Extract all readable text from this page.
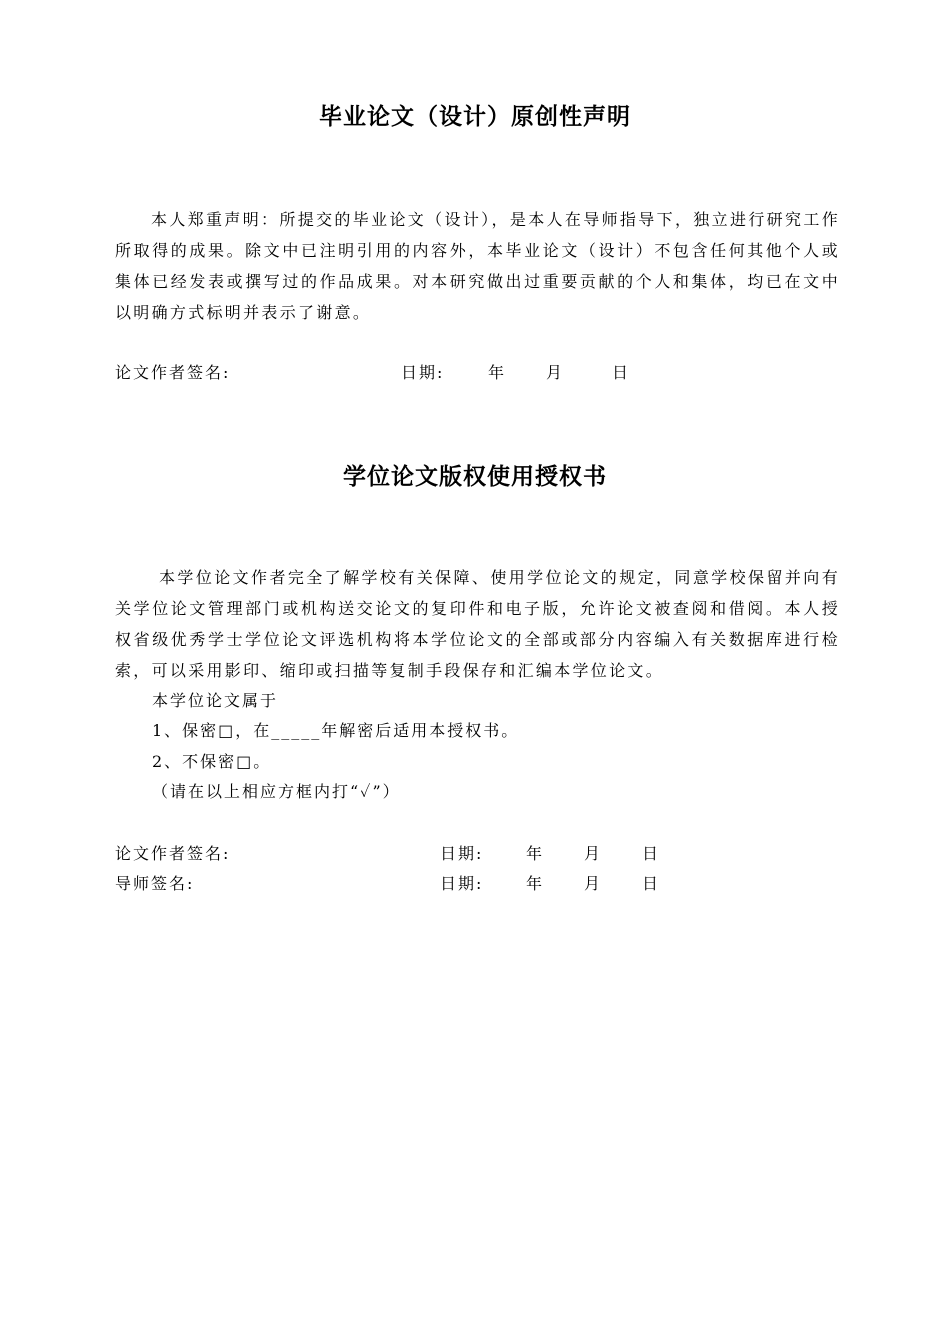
毕业论文（设计）原创性声明
本人郑重声明：所提交的毕业论文（设计），是本人在导师指导下，独立进行研究工作所取得的成果。除文中已注明引用的内容外，本毕业论文（设计）不包含任何其他个人或集体已经发表或撰写过的作品成果。对本研究做出过重要贡献的个人和集体，均已在文中以明确方式标明并表示了谢意。
论文作者签名:	日期:	年 月	日
学位论文版权使用授权书
本学位论文作者完全了解学校有关保障、使用学位论文的规定，同意学校保留并向有关学位论文管理部门或机构送交论文的复印件和电子版，允许论文被查阅和借阅。本人授权省级优秀学士学位论文评选机构将本学位论文的全部或部分内容编入有关数据库进行检索，可以采用影印、缩印或扫描等复制手段保存和汇编本学位论文。
本学位论文属于
1、保密□，在_____年解密后适用本授权书。
2、不保密□。
（请在以上相应方框内打“✓”）
论文作者签名:	日期:	年 月 日
导师签名:	日期:	年 月 日
